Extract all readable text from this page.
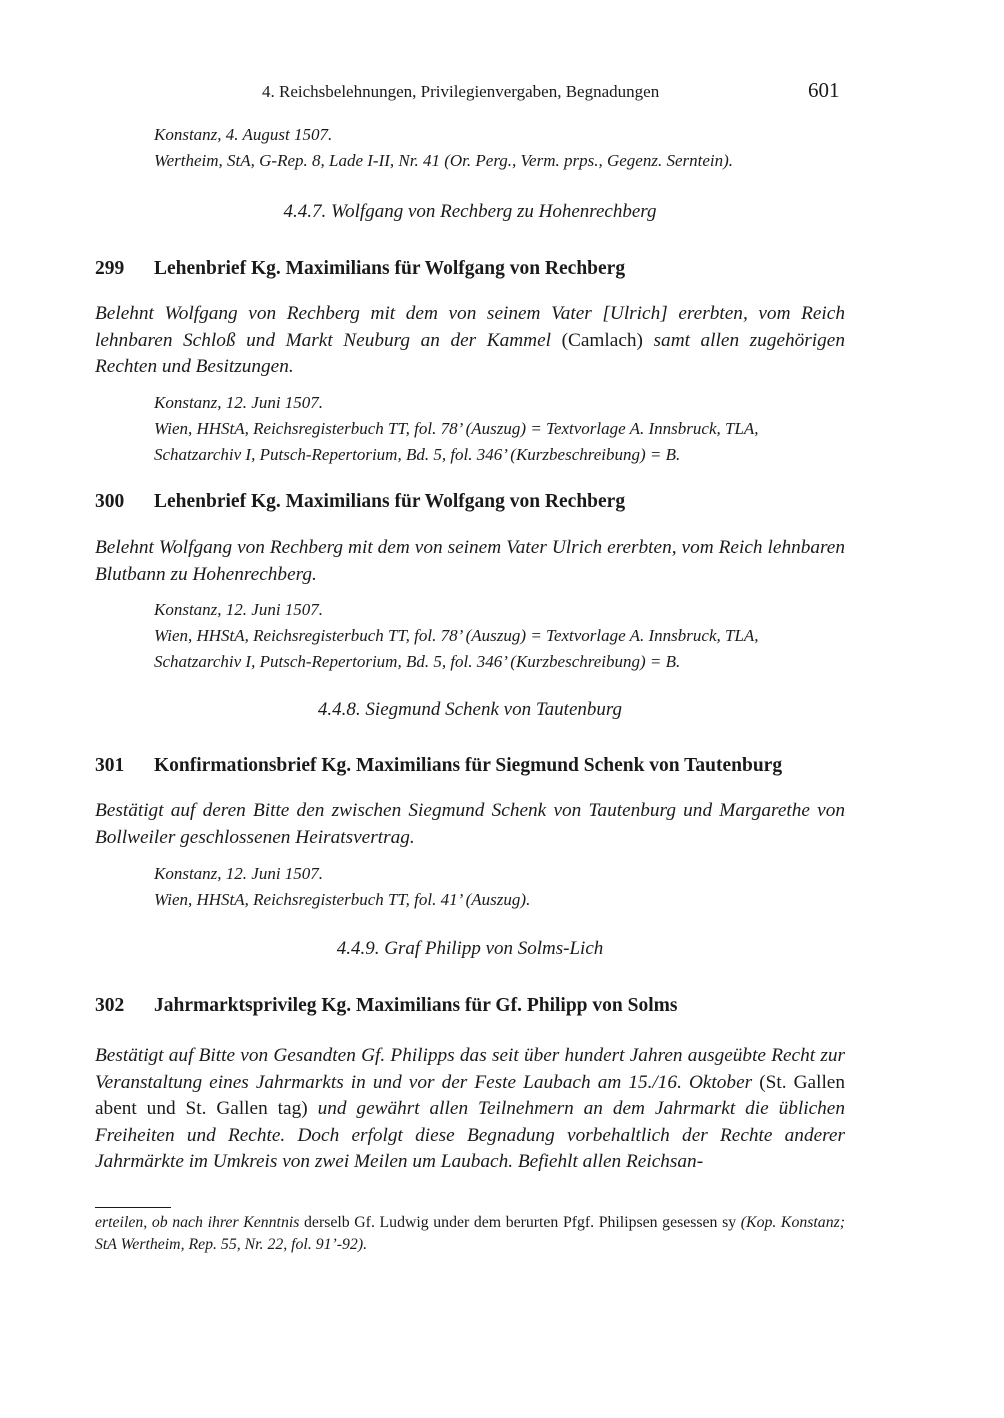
4. Reichsbelehnungen, Privilegienvergaben, Begnadungen	601
Konstanz, 4. August 1507.
Wertheim, StA, G-Rep. 8, Lade I-II, Nr. 41 (Or. Perg., Verm. prps., Gegenz. Serntein).
4.4.7. Wolfgang von Rechberg zu Hohenrechberg
299 Lehenbrief Kg. Maximilians für Wolfgang von Rechberg
Belehnt Wolfgang von Rechberg mit dem von seinem Vater [Ulrich] ererbten, vom Reich lehnbaren Schloß und Markt Neuburg an der Kammel (Camlach) samt allen zugehörigen Rechten und Besitzungen.
Konstanz, 12. Juni 1507.
Wien, HHStA, Reichsregisterbuch TT, fol. 78’ (Auszug) = Textvorlage A. Innsbruck, TLA,
Schatzarchiv I, Putsch-Repertorium, Bd. 5, fol. 346’ (Kurzbeschreibung) = B.
300 Lehenbrief Kg. Maximilians für Wolfgang von Rechberg
Belehnt Wolfgang von Rechberg mit dem von seinem Vater Ulrich ererbten, vom Reich lehnbaren Blutbann zu Hohenrechberg.
Konstanz, 12. Juni 1507.
Wien, HHStA, Reichsregisterbuch TT, fol. 78’ (Auszug) = Textvorlage A. Innsbruck, TLA,
Schatzarchiv I, Putsch-Repertorium, Bd. 5, fol. 346’ (Kurzbeschreibung) = B.
4.4.8. Siegmund Schenk von Tautenburg
301 Konfirmationsbrief Kg. Maximilians für Siegmund Schenk von Tautenburg
Bestätigt auf deren Bitte den zwischen Siegmund Schenk von Tautenburg und Margarethe von Bollweiler geschlossenen Heiratsvertrag.
Konstanz, 12. Juni 1507.
Wien, HHStA, Reichsregisterbuch TT, fol. 41’ (Auszug).
4.4.9. Graf Philipp von Solms-Lich
302 Jahrmarktsprivileg Kg. Maximilians für Gf. Philipp von Solms
Bestätigt auf Bitte von Gesandten Gf. Philipps das seit über hundert Jahren ausgeübte Recht zur Veranstaltung eines Jahrmarkts in und vor der Feste Laubach am 15./16. Oktober (St. Gallen abent und St. Gallen tag) und gewährt allen Teilnehmern an dem Jahrmarkt die üblichen Freiheiten und Rechte. Doch erfolgt diese Begnadung vorbehaltlich der Rechte anderer Jahrmärkte im Umkreis von zwei Meilen um Laubach. Befiehlt allen Reichsan-
erteilen, ob nach ihrer Kenntnis derselb Gf. Ludwig under dem berurten Pfgf. Philipsen gesessen sy (Kop. Konstanz; StA Wertheim, Rep. 55, Nr. 22, fol. 91’-92).
